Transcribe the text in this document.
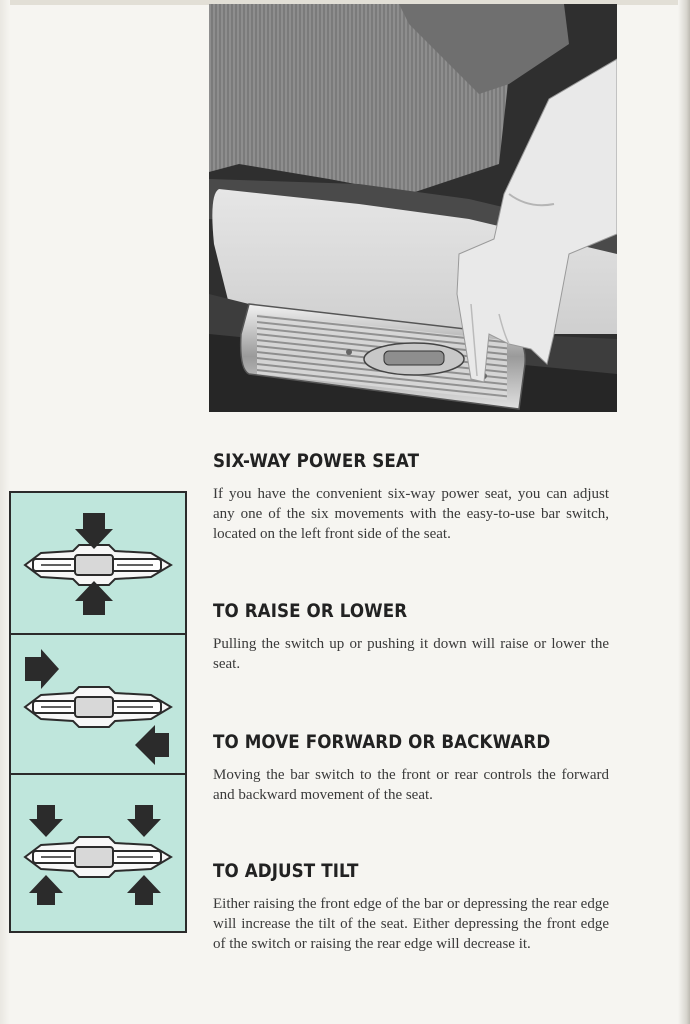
SIX-WAY POWER SEAT

If you have the convenient six-way power seat, you can adjust any one of the six movements with the easy-to-use bar switch, located on the left front side of the seat.

TO RAISE OR LOWER

Pulling the switch up or pushing it down will raise or lower the seat.

TO MOVE FORWARD OR BACKWARD

Moving the bar switch to the front or rear controls the forward and backward movement of the seat.

TO ADJUST TILT

Either raising the front edge of the bar or depressing the rear edge will increase the tilt of the seat. Either depressing the front edge of the switch or raising the rear edge will decrease it.
